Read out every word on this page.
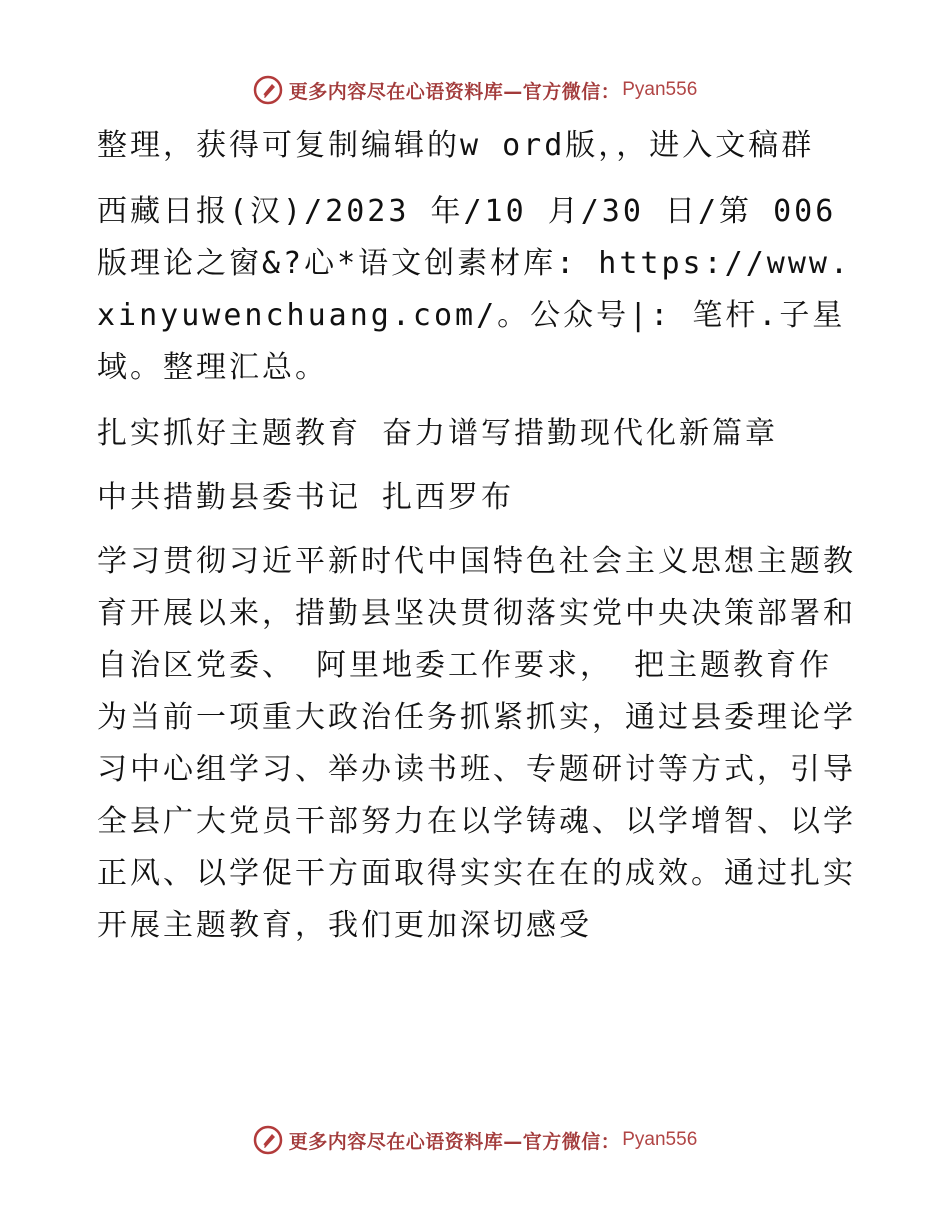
更多内容尽在心语资料库—官方微信： Pyan556

整理，获得可复制编辑的w ord版，，进入文稿群

西藏日报(汉)/2023 年/10 月/30 日/第 006 版理论之窗&?心*语文创素材库: https://www.xinyuwenchuang.com/。公众号|: 笔杆.子星域。整理汇总。

扎实抓好主题教育 奋力谱写措勤现代化新篇章

中共措勤县委书记 扎西罗布

学习贯彻习近平新时代中国特色社会主义思想主题教育开展以来，措勤县坚决贯彻落实党中央决策部署和自治区党委、 阿里地委工作要求， 把主题教育作为当前一项重大政治任务抓紧抓实，通过县委理论学习中心组学习、举办读书班、专题研讨等方式，引导全县广大党员干部努力在以学铸魂、以学增智、以学正风、以学促干方面取得实实在在的成效。通过扎实开展主题教育，我们更加深切感受

更多内容尽在心语资料库—官方微信： Pyan556
